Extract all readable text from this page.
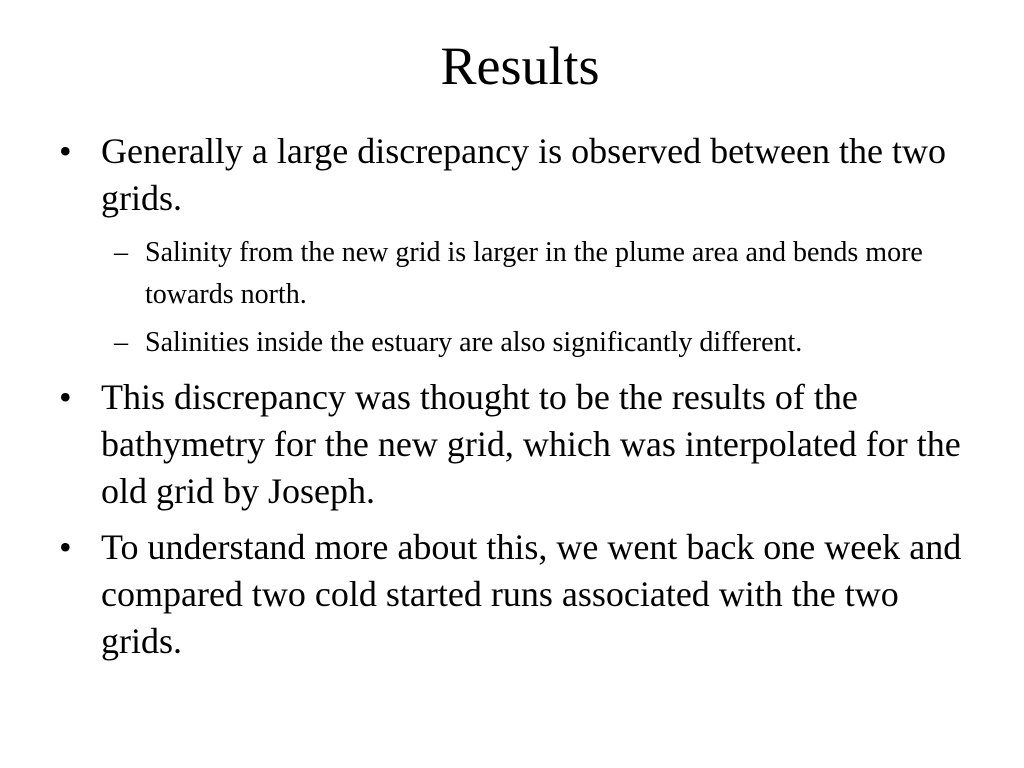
Results
• Generally a large discrepancy is observed between the two grids.
– Salinity from the new grid is larger in the plume area and bends more towards north.
– Salinities inside the estuary are also significantly different.
• This discrepancy was thought to be the results of the bathymetry for the new grid, which was interpolated for the old grid by Joseph.
• To understand more about this, we went back one week and compared two cold started runs associated with the two grids.
